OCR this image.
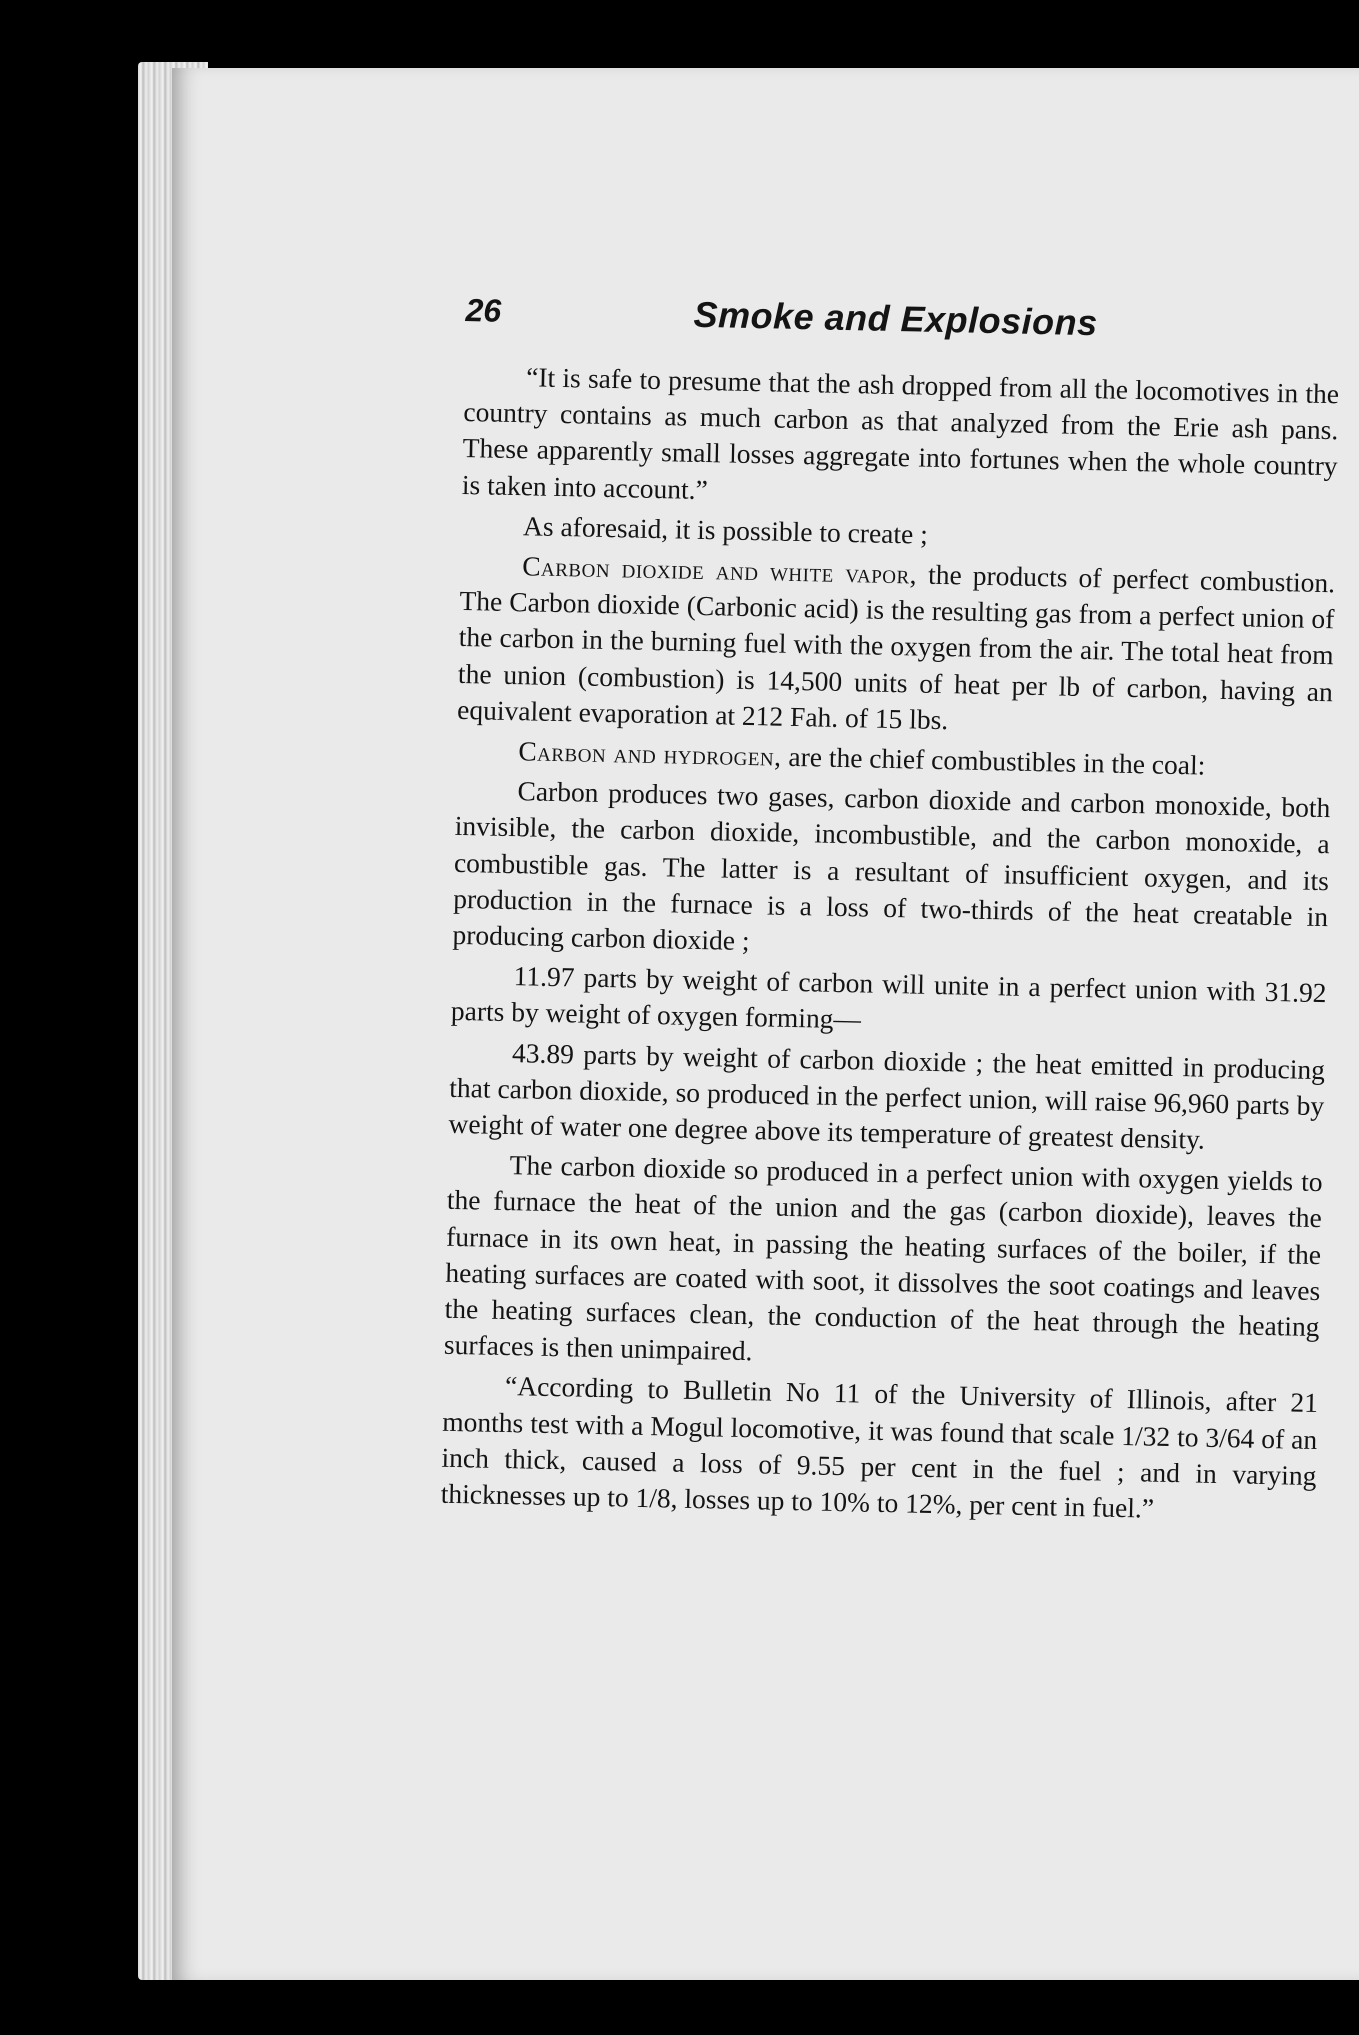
26	Smoke and Explosions

“It is safe to presume that the ash dropped from all the locomotives in the country contains as much carbon as that analyzed from the Erie ash pans. These apparently small losses aggregate into fortunes when the whole country is taken into account.”

As aforesaid, it is possible to create ;

Carbon dioxide and white vapor, the products of perfect combustion. The Carbon dioxide (Carbonic acid) is the resulting gas from a perfect union of the carbon in the burning fuel with the oxygen from the air. The total heat from the union (combustion) is 14,500 units of heat per lb of carbon, having an equivalent evaporation at 212 Fah. of 15 lbs.

Carbon and hydrogen, are the chief combustibles in the coal:

Carbon produces two gases, carbon dioxide and carbon monoxide, both invisible, the carbon dioxide, incombustible, and the carbon monoxide, a combustible gas. The latter is a resultant of insufficient oxygen, and its production in the furnace is a loss of two-thirds of the heat creatable in producing carbon dioxide ;

11.97 parts by weight of carbon will unite in a perfect union with 31.92 parts by weight of oxygen forming—

43.89 parts by weight of carbon dioxide ; the heat emitted in producing that carbon dioxide, so produced in the perfect union, will raise 96,960 parts by weight of water one degree above its temperature of greatest density.

The carbon dioxide so produced in a perfect union with oxygen yields to the furnace the heat of the union and the gas (carbon dioxide), leaves the furnace in its own heat, in passing the heating surfaces of the boiler, if the heating surfaces are coated with soot, it dissolves the soot coatings and leaves the heating surfaces clean, the conduction of the heat through the heating surfaces is then unimpaired.

“According to Bulletin No 11 of the University of Illinois, after 21 months test with a Mogul locomotive, it was found that scale 1/32 to 3/64 of an inch thick, caused a loss of 9.55 per cent in the fuel ; and in varying thicknesses up to 1/8, losses up to 10% to 12%, per cent in fuel.”
